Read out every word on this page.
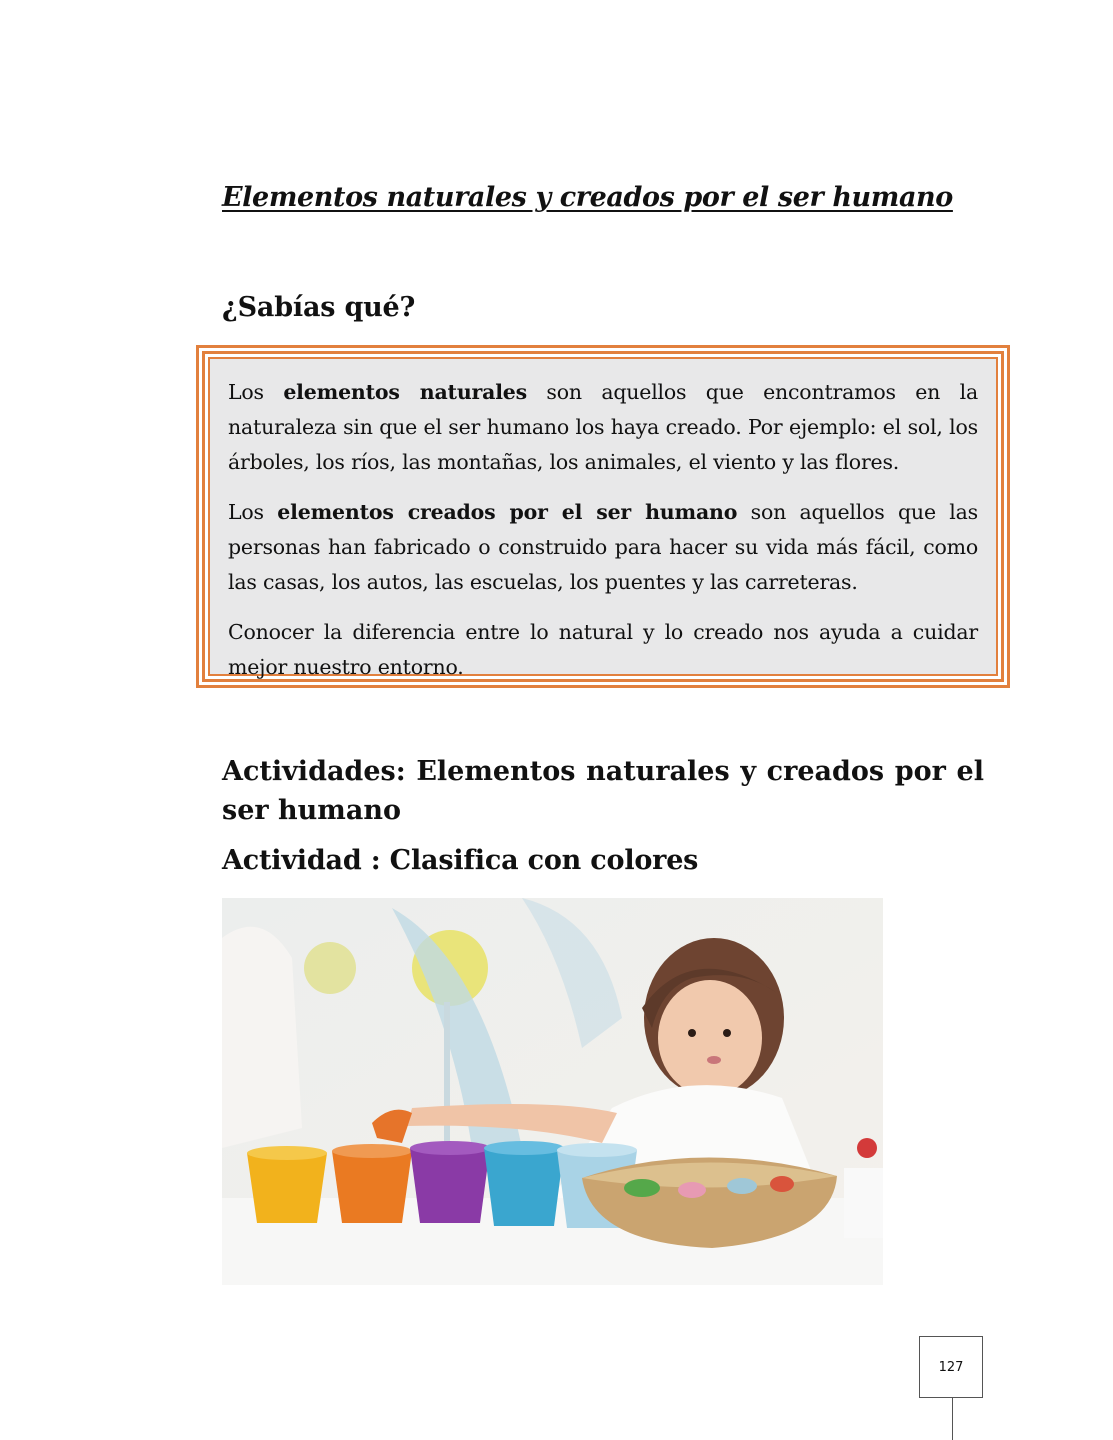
Elementos naturales y creados por el ser humano
¿Sabías qué?

Los elementos naturales son aquellos que encontramos en la naturaleza sin que el ser humano los haya creado. Por ejemplo: el sol, los árboles, los ríos, las montañas, los animales, el viento y las flores.

Los elementos creados por el ser humano son aquellos que las personas han fabricado o construido para hacer su vida más fácil, como las casas, los autos, las escuelas, los puentes y las carreteras.

Conocer la diferencia entre lo natural y lo creado nos ayuda a cuidar mejor nuestro entorno.

Actividades: Elementos naturales y creados por el ser humano
Actividad : Clasifica con colores
127
